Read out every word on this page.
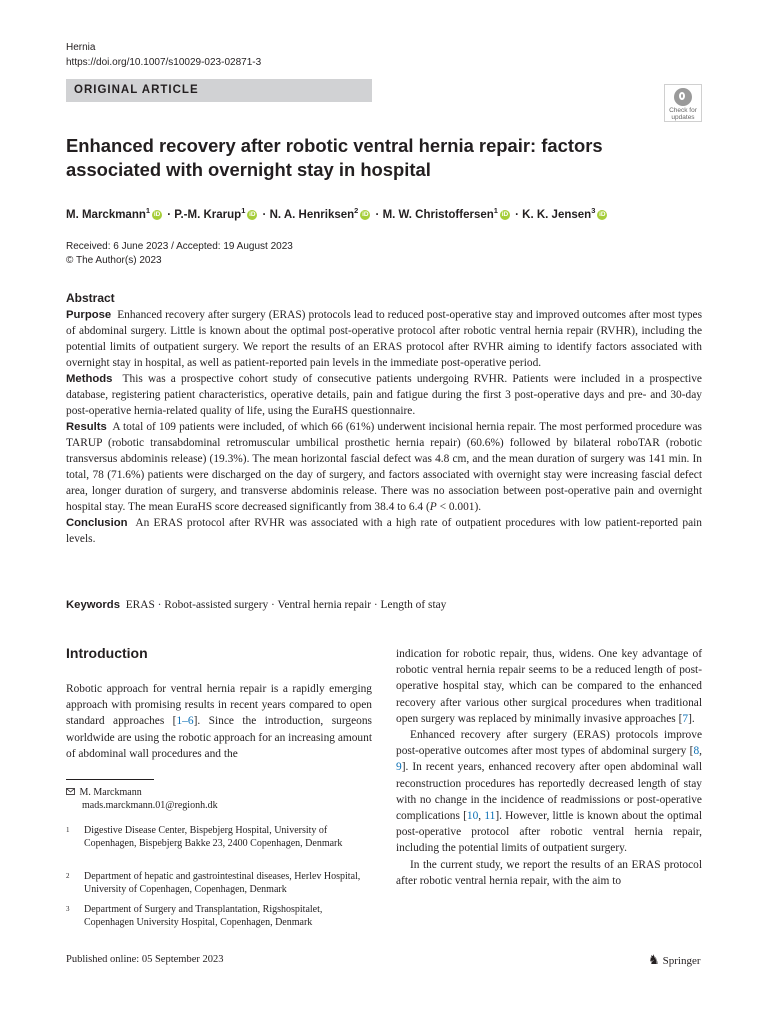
Hernia
https://doi.org/10.1007/s10029-023-02871-3
ORIGINAL ARTICLE
Check for
updates
Enhanced recovery after robotic ventral hernia repair: factors associated with overnight stay in hospital
M. Marckmann$^1$ iD · P.-M. Krarup$^1$ iD · N. A. Henriksen$^2$ iD · M. W. Christoffersen$^1$ iD · K. K. Jensen$^3$ iD
Received: 6 June 2023 / Accepted: 19 August 2023
© The Author(s) 2023
Abstract

Purpose Enhanced recovery after surgery (ERAS) protocols lead to reduced post-operative stay and improved outcomes after most types of abdominal surgery. Little is known about the optimal post-operative protocol after robotic ventral hernia repair (RVHR), including the potential limits of outpatient surgery. We report the results of an ERAS protocol after RVHR aiming to identify factors associated with overnight stay in hospital, as well as patient-reported pain levels in the immediate post-operative period.

Methods This was a prospective cohort study of consecutive patients undergoing RVHR. Patients were included in a prospective database, registering patient characteristics, operative details, pain and fatigue during the first 3 post-operative days and pre- and 30-day post-operative hernia-related quality of life, using the EuraHS questionnaire.

Results A total of 109 patients were included, of which 66 (61%) underwent incisional hernia repair. The most performed procedure was TARUP (robotic transabdominal retromuscular umbilical prosthetic hernia repair) (60.6%) followed by bilateral roboTAR (robotic transversus abdominis release) (19.3%). The mean horizontal fascial defect was 4.8 cm, and the mean duration of surgery was 141 min. In total, 78 (71.6%) patients were discharged on the day of surgery, and factors associated with overnight stay were increasing fascial defect area, longer duration of surgery, and transverse abdominis release. There was no association between post-operative pain and overnight hospital stay. The mean EuraHS score decreased significantly from 38.4 to 6.4 (P < 0.001).

Conclusion An ERAS protocol after RVHR was associated with a high rate of outpatient procedures with low patient-reported pain levels.

Keywords ERAS · Robot-assisted surgery · Ventral hernia repair · Length of stay
Introduction

Robotic approach for ventral hernia repair is a rapidly emerging approach with promising results in recent years compared to open standard approaches [1–6]. Since the introduction, surgeons worldwide are using the robotic approach for an increasing amount of abdominal wall procedures and the

indication for robotic repair, thus, widens. One key advantage of robotic ventral hernia repair seems to be a reduced length of post-operative hospital stay, which can be compared to the enhanced recovery after various other surgical procedures when traditional open surgery was replaced by minimally invasive approaches [7].

Enhanced recovery after surgery (ERAS) protocols improve post-operative outcomes after most types of abdominal surgery [8, 9]. In recent years, enhanced recovery after open abdominal wall reconstruction procedures has reportedly decreased length of stay with no change in the incidence of readmissions or post-operative complications [10, 11]. However, little is known about the optimal post-operative protocol after robotic ventral hernia repair, including the potential limits of outpatient surgery.

In the current study, we report the results of an ERAS protocol after robotic ventral hernia repair, with the aim to

M. Marckmann
mads.marckmann.01@regionh.dk
1 Digestive Disease Center, Bispebjerg Hospital, University of Copenhagen, Bispebjerg Bakke 23, 2400 Copenhagen, Denmark
2 Department of hepatic and gastrointestinal diseases, Herlev Hospital, University of Copenhagen, Copenhagen, Denmark
3 Department of Surgery and Transplantation, Rigshospitalet, Copenhagen University Hospital, Copenhagen, Denmark
Published online: 05 September 2023	♞ Springer
